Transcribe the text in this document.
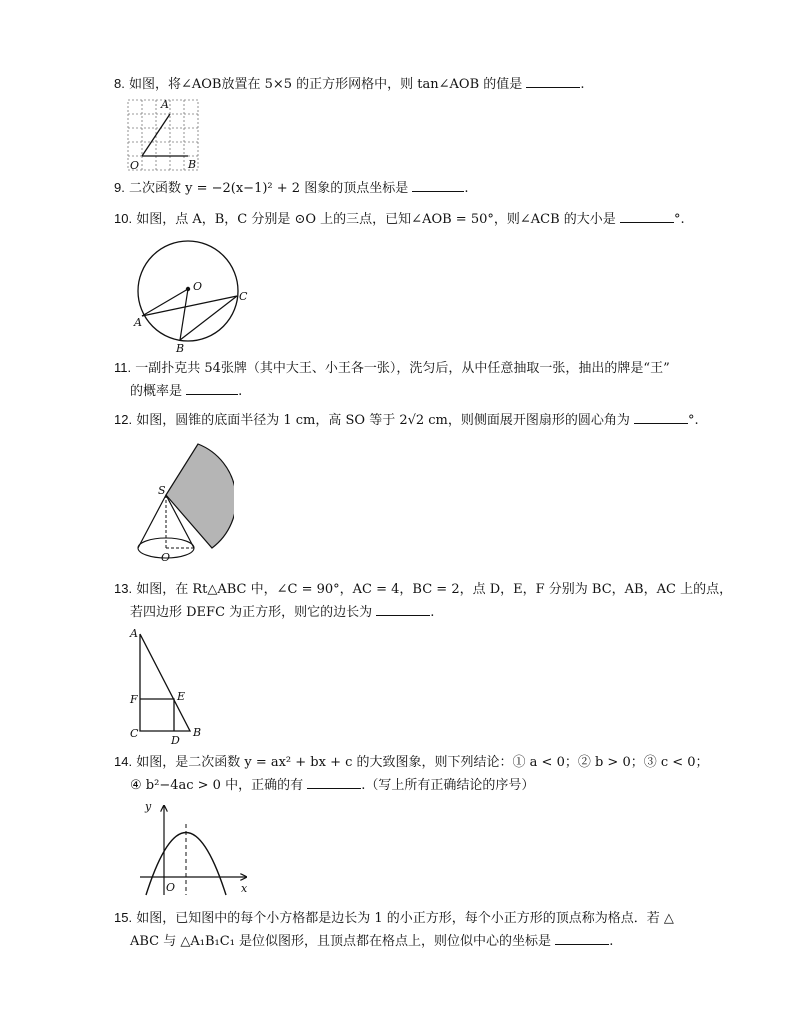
8. 如图，将∠AOB放置在 5×5 的正方形网格中，则 tan∠AOB 的值是	.
A
O	B
9. 二次函数 y = −2(x−1)² + 2 图象的顶点坐标是	.
10. 如图，点 A，B，C 分别是 ⊙O 上的三点，已知∠AOB = 50°，则∠ACB 的大小是	°.
O
A
B
C
11. 一副扑克共 54张牌（其中大王、小王各一张），洗匀后，从中任意抽取一张，抽出的牌是“王”
的概率是	.
12. 如图，圆锥的底面半径为 1 cm，高 SO 等于 2√2 cm，则侧面展开图扇形的圆心角为	°.
S
O
13. 如图，在 Rt△ABC 中，∠C = 90°，AC = 4，BC = 2，点 D，E，F 分别为 BC，AB，AC 上的点，
若四边形 DEFC 为正方形，则它的边长为	.
A
F	E
C
D
B
14. 如图，是二次函数 y = ax² + bx + c 的大致图象，则下列结论：① a < 0；② b > 0；③ c < 0；
④ b²−4ac > 0 中，正确的有	.（写上所有正确结论的序号）
y
O	x
15. 如图，已知图中的每个小方格都是边长为 1 的小正方形，每个小正方形的顶点称为格点．若 △
ABC 与 △A₁B₁C₁ 是位似图形，且顶点都在格点上，则位似中心的坐标是	.
